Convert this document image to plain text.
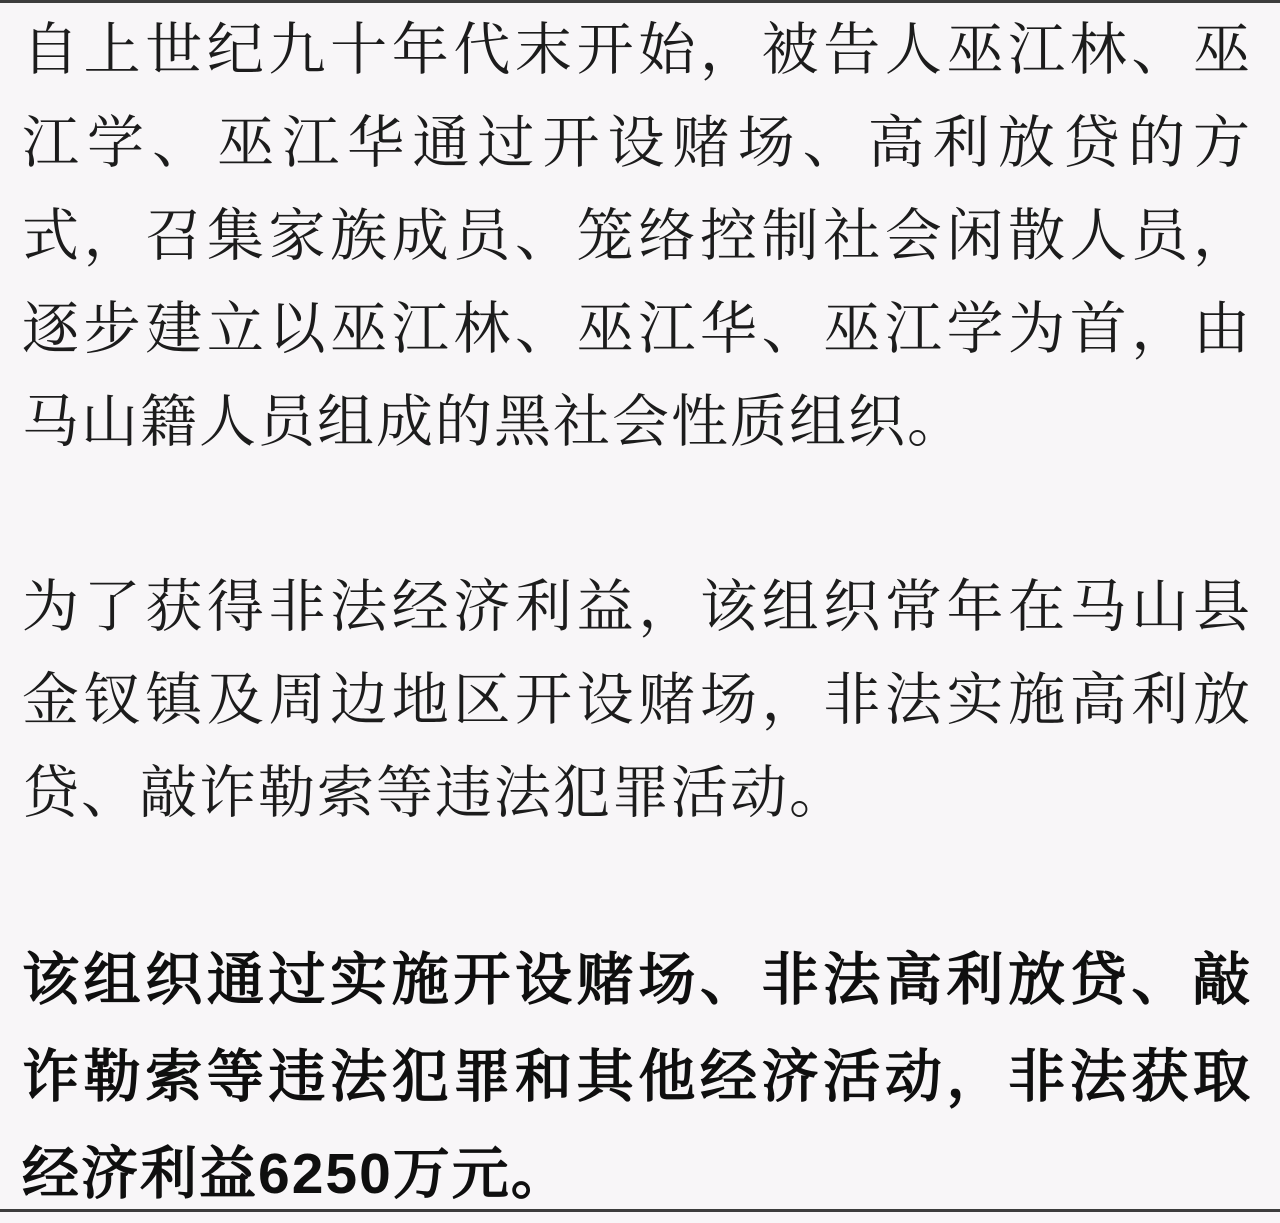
自上世纪九十年代末开始，被告人巫江林、巫
江学、巫江华通过开设赌场、高利放贷的方
式，召集家族成员、笼络控制社会闲散人员，
逐步建立以巫江林、巫江华、巫江学为首，由
马山籍人员组成的黑社会性质组织。

为了获得非法经济利益，该组织常年在马山县
金钗镇及周边地区开设赌场，非法实施高利放
贷、敲诈勒索等违法犯罪活动。

该组织通过实施开设赌场、非法高利放贷、敲
诈勒索等违法犯罪和其他经济活动，非法获取
经济利益6250万元。
